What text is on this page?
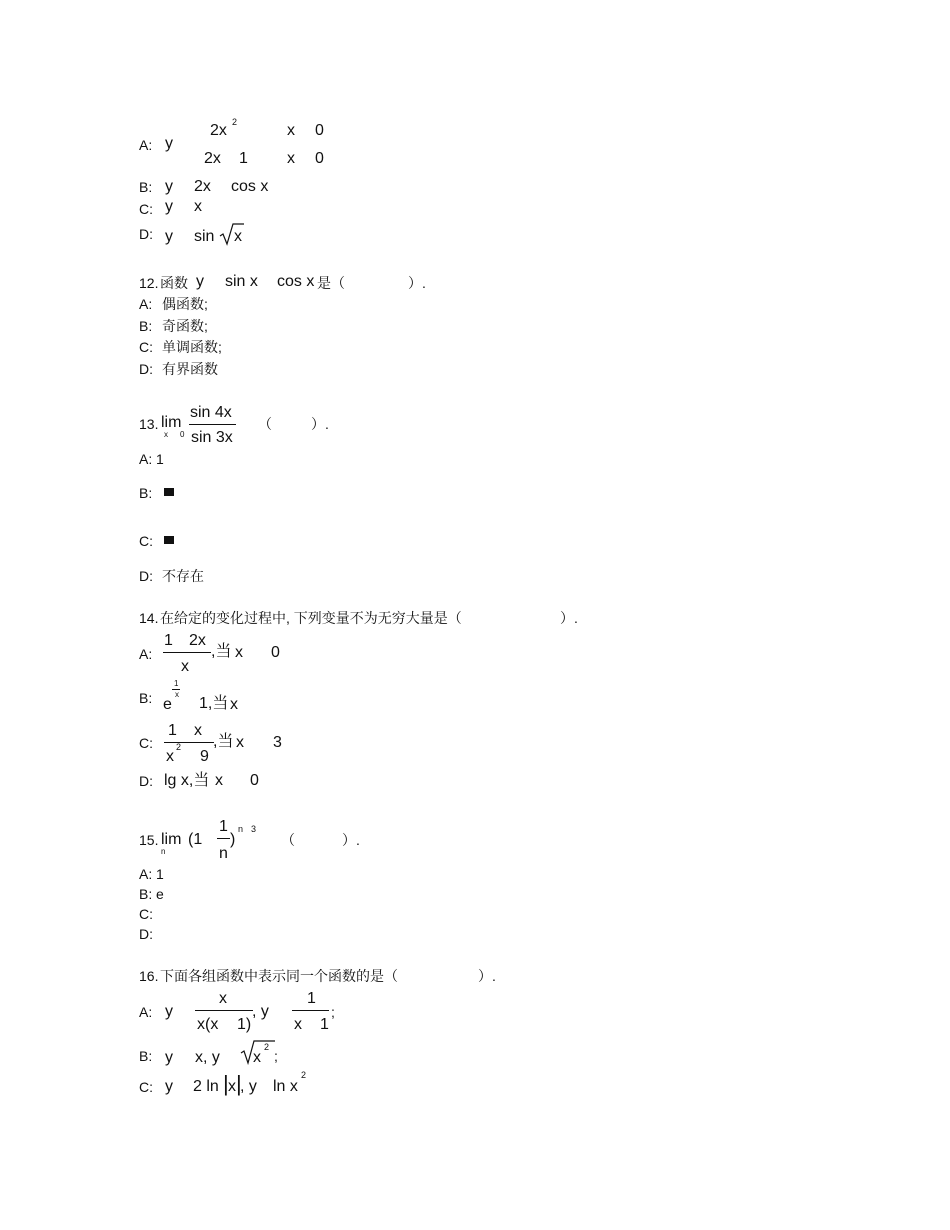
A: y
2x 2	x 0
2x 1 x 0
B: y 2x cos x
C: y x
D: y sin x
12. 函数 y sin x cos x 是（	）.
A: 偶函数;
B: 奇函数;
C: 单调函数;
D: 有界函数
13. lim
x 0
sin 4x
sin 3x
（	）.
A: 1
B:
C:
D: 不存在
14. 在给定的变化过程中, 下列变量不为无穷大量是（	）.
A:
1 2x
x
,当 x 0
B: e
1
x
1,当 x
C:
1 x
x
2
9
,当 x 3
D: lg x,当 x 0
15. lim
n
(1
1
n
)
n 3
（	）.
A: 1
B: e
C:
D:
16. 下面各组函数中表示同一个函数的是（	）.
A: y
x
x(x 1)
, y
1
x 1
;
B: y x, y x
2
;
C: y 2 ln | x |
, y ln x
2
